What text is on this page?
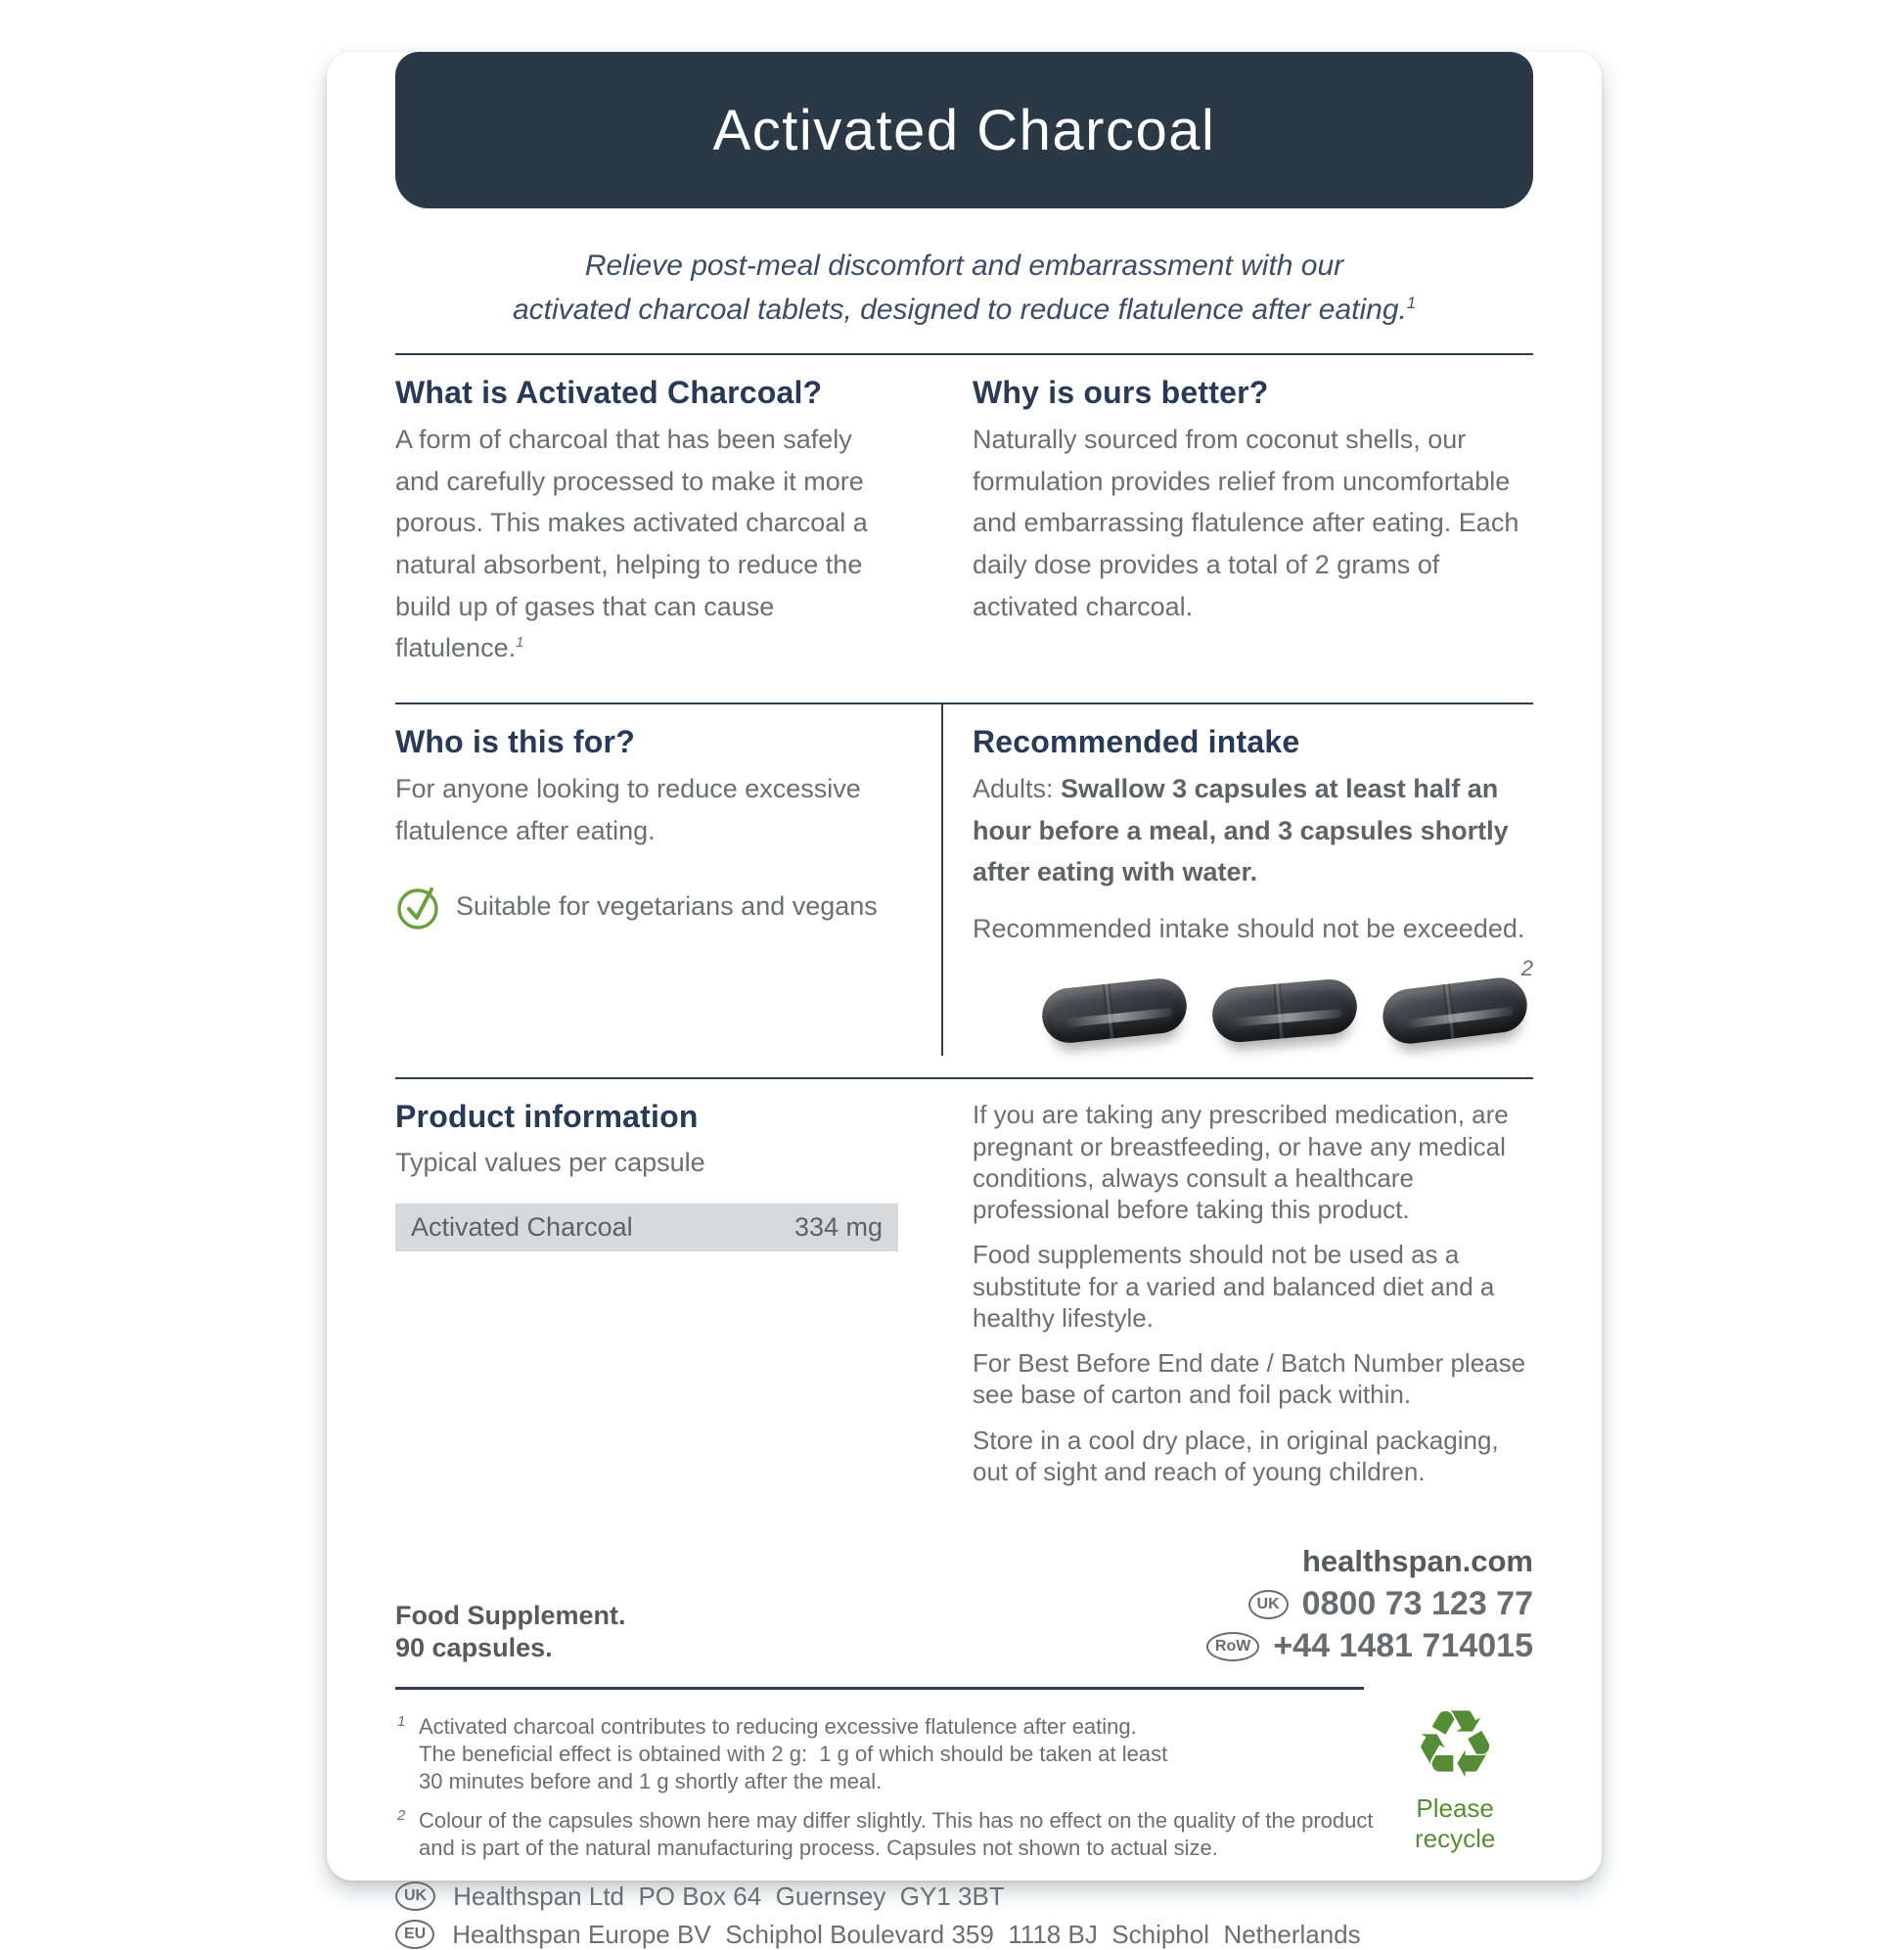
Activated Charcoal

Relieve post-meal discomfort and embarrassment with our
activated charcoal tablets, designed to reduce flatulence after eating.$^1$

What is Activated Charcoal?

A form of charcoal that has been safely and carefully processed to make it more porous. This makes activated charcoal a natural absorbent, helping to reduce the build up of gases that can cause flatulence.$^1$

Why is ours better?

Naturally sourced from coconut shells, our formulation provides relief from uncomfortable and embarrassing flatulence after eating. Each daily dose provides a total of 2 grams of activated charcoal.

Who is this for?

For anyone looking to reduce excessive flatulence after eating.

Suitable for vegetarians and vegans
Recommended intake

Adults: Swallow 3 capsules at least half an hour before a meal, and 3 capsules shortly after eating with water.

Recommended intake should not be exceeded.

2
Product information

Typical values per capsule

Activated Charcoal	334 mg

If you are taking any prescribed medication, are pregnant or breastfeeding, or have any medical conditions, always consult a healthcare professional before taking this product.

Food supplements should not be used as a substitute for a varied and balanced diet and a healthy lifestyle.

For Best Before End date / Batch Number please see base of carton and foil pack within.

Store in a cool dry place, in original packaging, out of sight and reach of young children.

Food Supplement.
90 capsules.

healthspan.com

UK 0800 73 123 77
RoW +44 1481 714015

1 Activated charcoal contributes to reducing excessive flatulence after eating.
The beneficial effect is obtained with 2 g:  1 g of which should be taken at least
30 minutes before and 1 g shortly after the meal.

2 Colour of the capsules shown here may differ slightly. This has no effect on the quality of the product and is part of the natural manufacturing process. Capsules not shown to actual size.

♻
Please recycle
UK	Healthspan Ltd  PO Box 64  Guernsey  GY1 3BT
EU	Healthspan Europe BV  Schiphol Boulevard 359  1118 BJ  Schiphol  Netherlands
